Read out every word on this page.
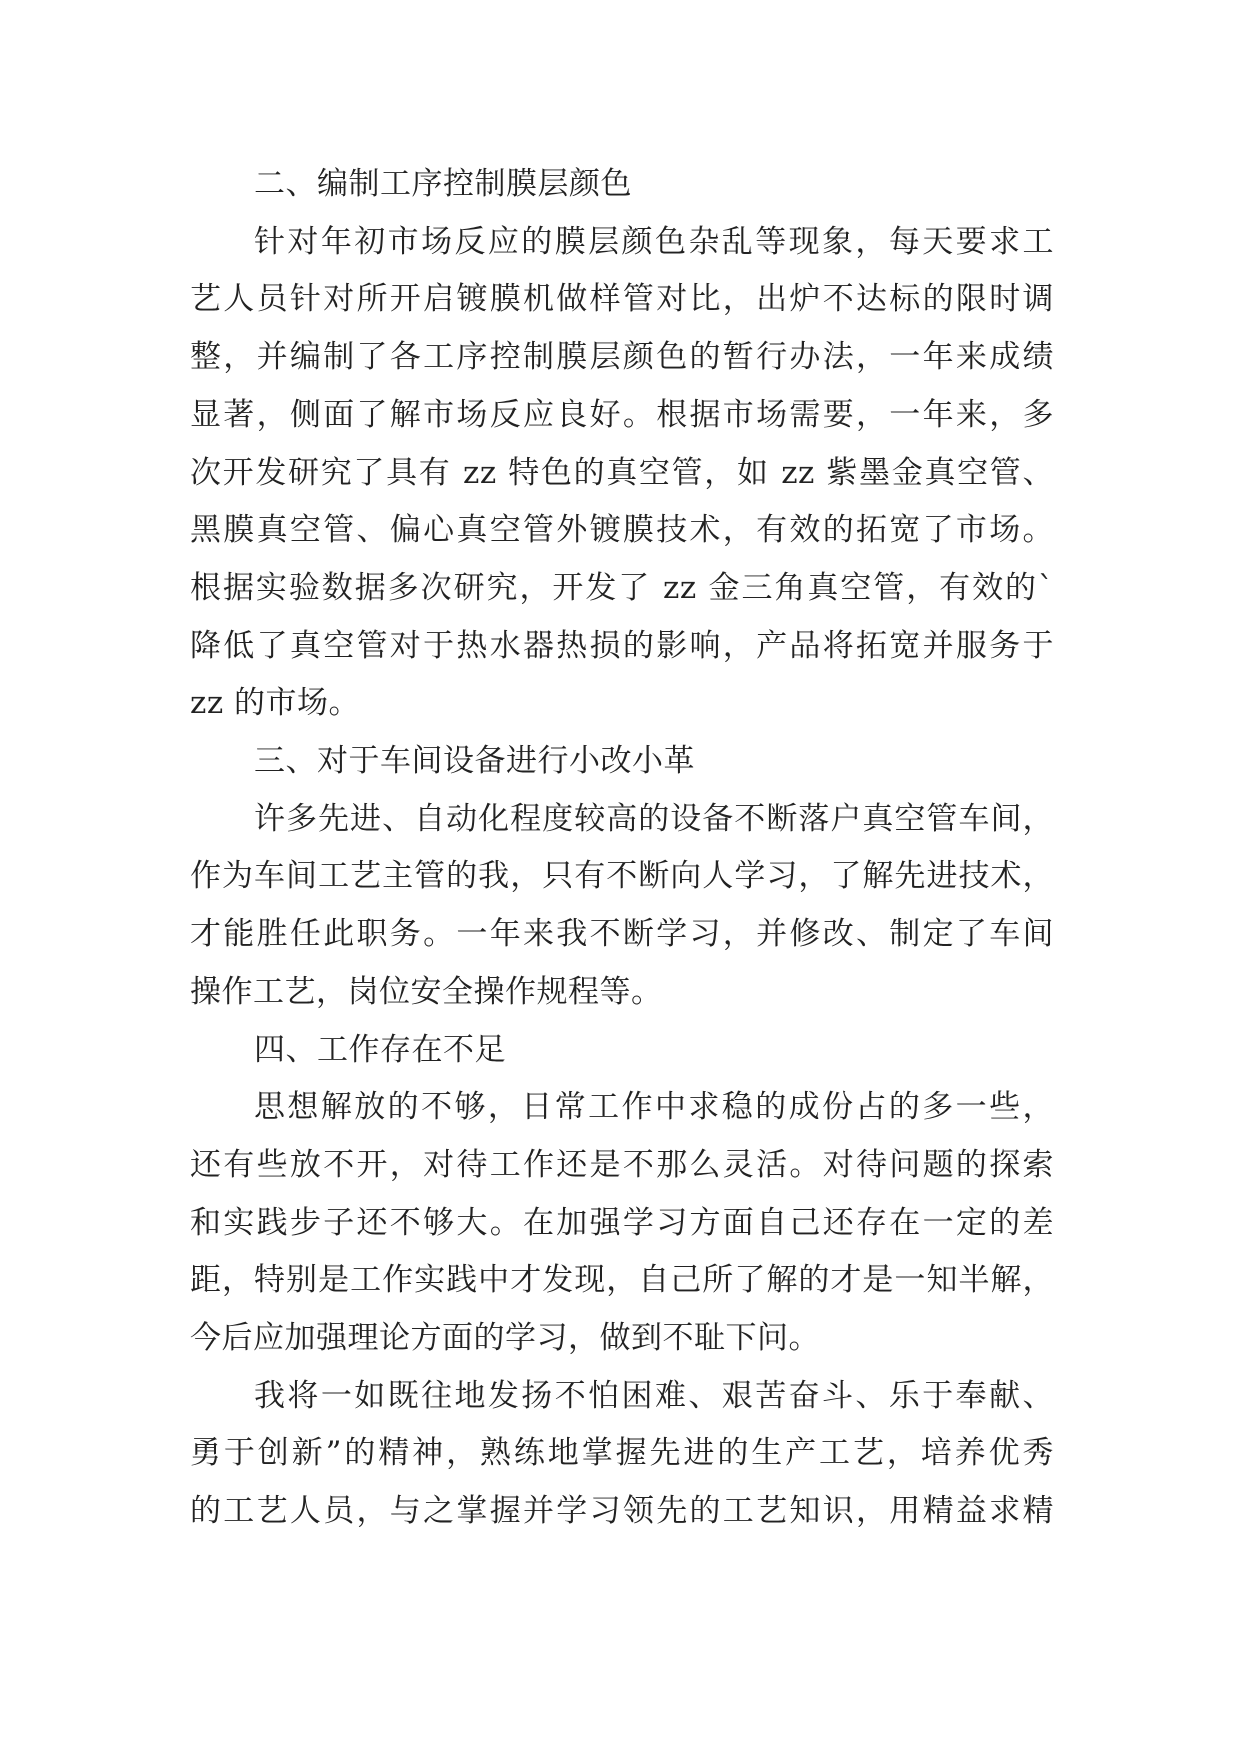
二、编制工序控制膜层颜色

针对年初市场反应的膜层颜色杂乱等现象，每天要求工

艺人员针对所开启镀膜机做样管对比，出炉不达标的限时调

整，并编制了各工序控制膜层颜色的暂行办法，一年来成绩

显著，侧面了解市场反应良好。根据市场需要，一年来，多

次开发研究了具有 zz 特色的真空管，如 zz 紫墨金真空管、

黑膜真空管、偏心真空管外镀膜技术，有效的拓宽了市场。

根据实验数据多次研究，开发了 zz 金三角真空管，有效的`

降低了真空管对于热水器热损的影响，产品将拓宽并服务于

zz 的市场。

三、对于车间设备进行小改小革

许多先进、自动化程度较高的设备不断落户真空管车间，

作为车间工艺主管的我，只有不断向人学习，了解先进技术，

才能胜任此职务。一年来我不断学习，并修改、制定了车间

操作工艺，岗位安全操作规程等。

四、工作存在不足

思想解放的不够，日常工作中求稳的成份占的多一些，

还有些放不开，对待工作还是不那么灵活。对待问题的探索

和实践步子还不够大。在加强学习方面自己还存在一定的差

距，特别是工作实践中才发现，自己所了解的才是一知半解，

今后应加强理论方面的学习，做到不耻下问。

我将一如既往地发扬不怕困难、艰苦奋斗、乐于奉献、

勇于创新”的精神，熟练地掌握先进的生产工艺，培养优秀

的工艺人员，与之掌握并学习领先的工艺知识，用精益求精
